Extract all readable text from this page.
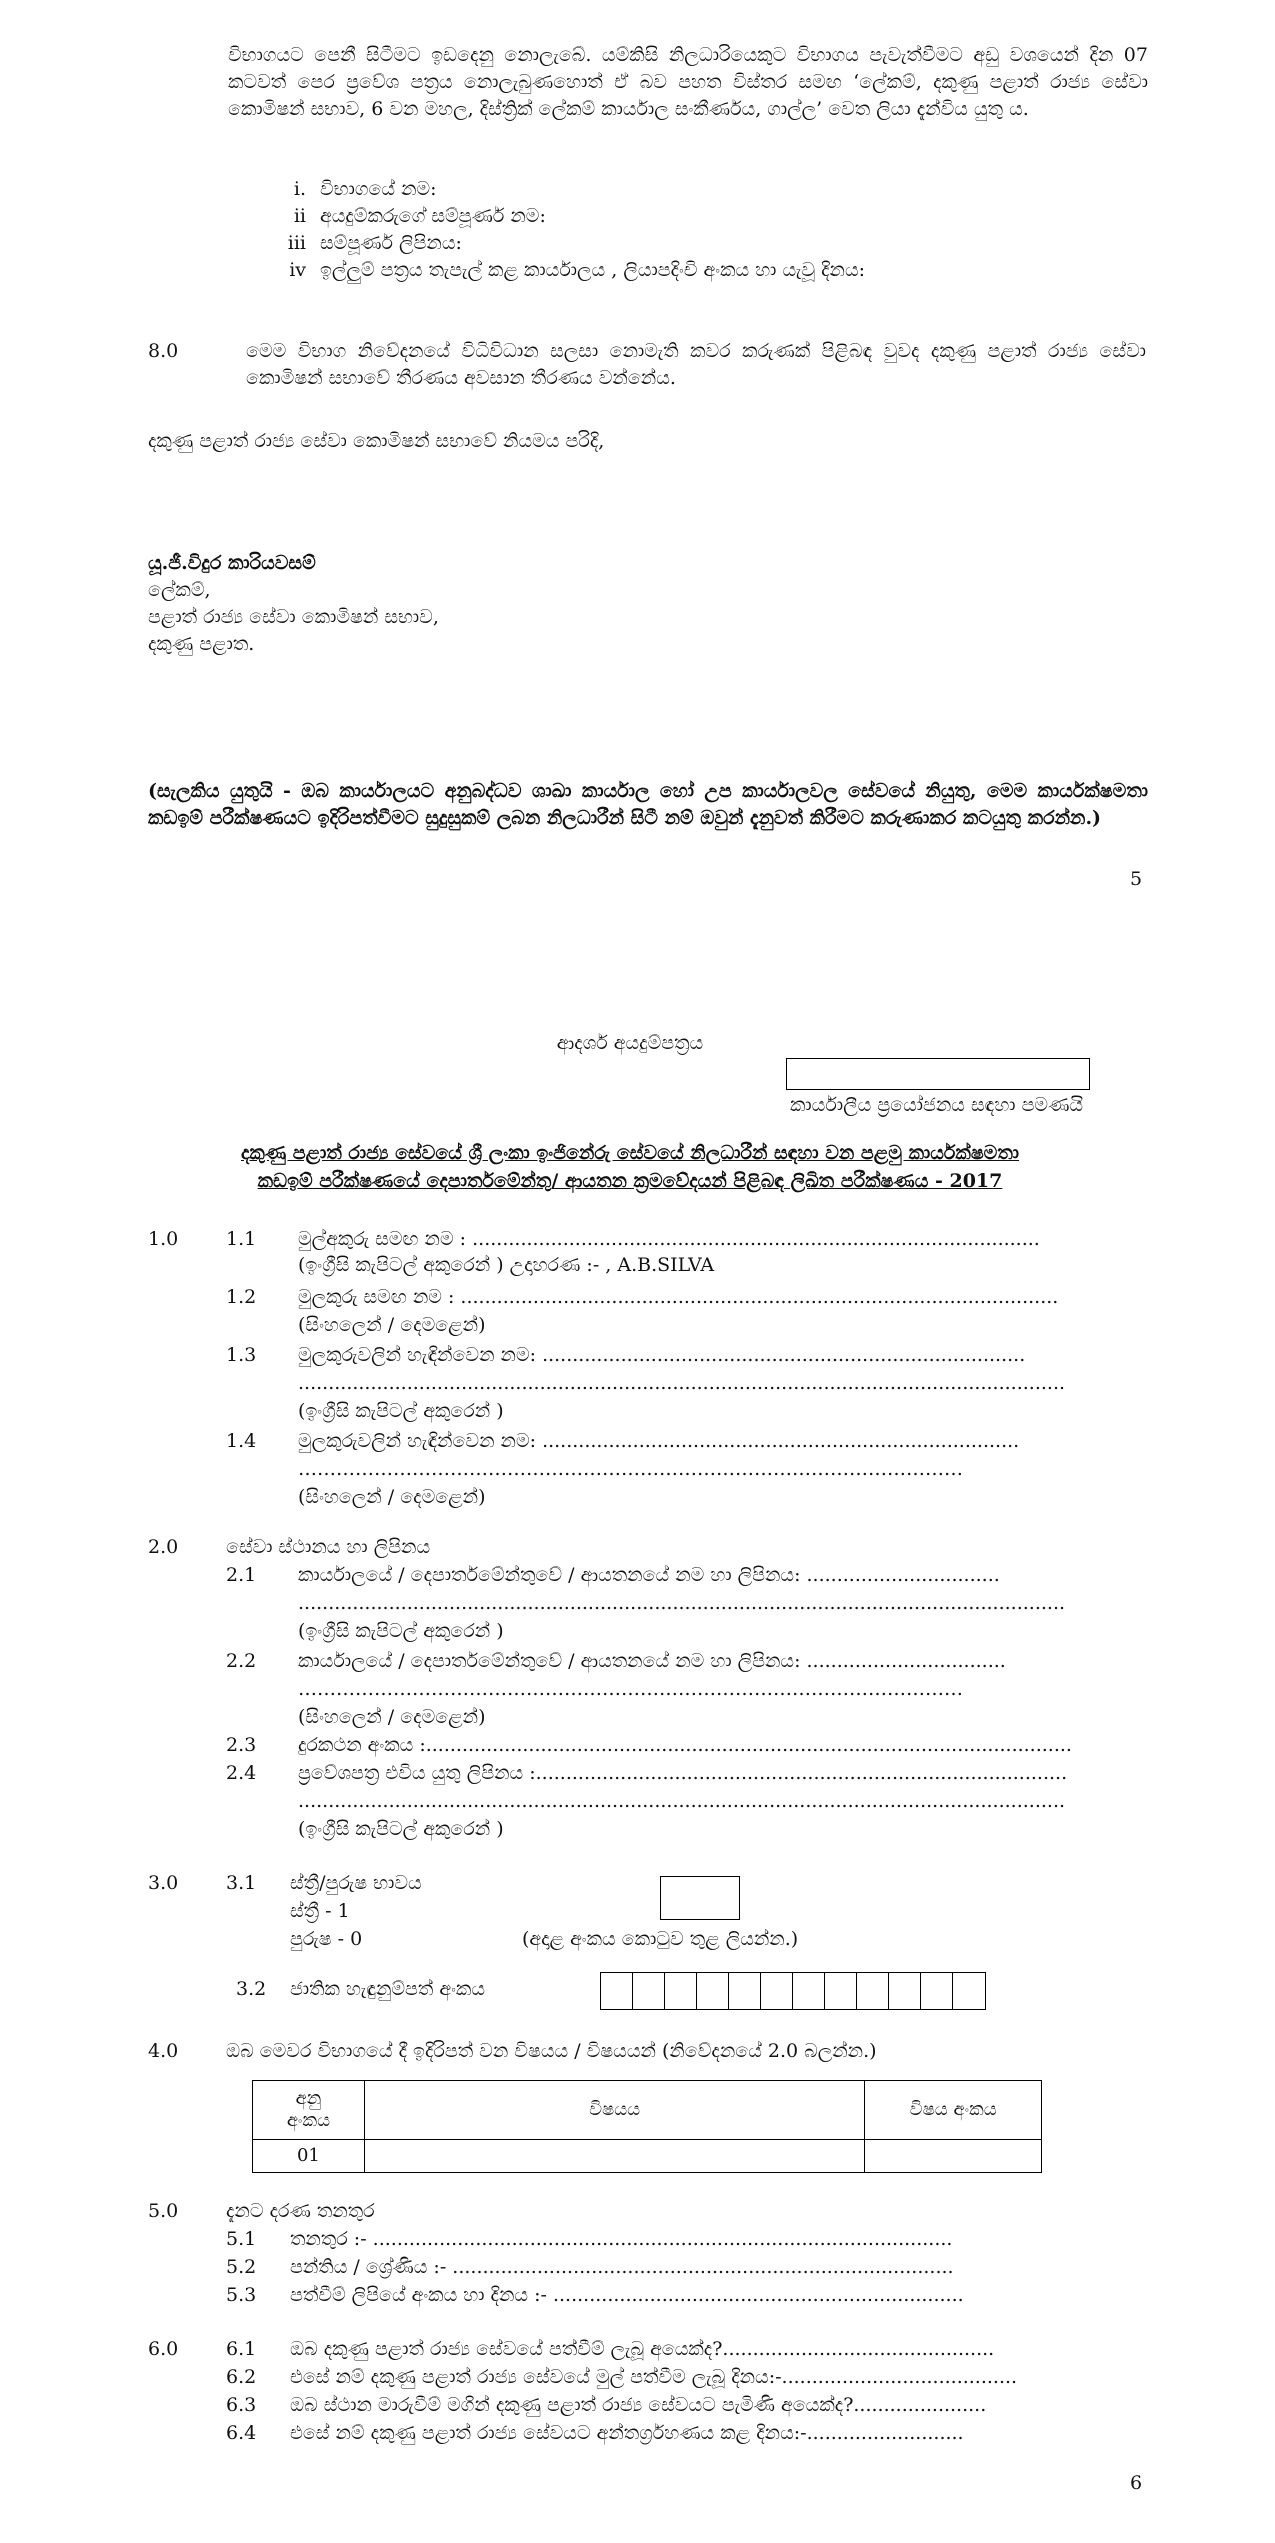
විභාගයට පෙනී සිටීමට ඉඩදෙනු නොලැබේ. යම්කිසි නිලධාරියෙකුට විභාගය පැවැත්වීමට අඩු වශයෙන් දින 07 කටවත් පෙර ප්‍රවේශ පත්‍රය නොලැබුණහොත් ඒ බව පහත විස්තර සමඟ ‘ලේකම්, දකුණු පළාත් රාජ්‍ය සේවා කොමිෂන් සභාව, 6 වන මහල, දිස්ත්‍රික් ලේකම් කාර්යාල සංකීර්ණය, ගාල්ල’ වෙත ලියා දැන්විය යුතු ය.

i. විභාගයේ නම:
ii අයදුම්කරුගේ සම්පූර්ණ නම:
iii සම්පූර්ණ ලිපිනය:
iv ඉල්ලුම් පත්‍රය තැපැල් කළ කාර්යාලය , ලියාපදිංචි අංකය හා යැවූ දිනය:
8.0	මෙම විභාග නිවේදනයේ විධිවිධාන සලසා නොමැති කවර කරුණක් පිළිබඳ වුවද දකුණු පළාත් රාජ්‍ය සේවා කොමිෂන් සභාවේ තීරණය අවසාන තීරණය වන්නේය.

දකුණු පළාත් රාජ්‍ය සේවා කොමිෂන් සභාවේ නියමය පරිදි,

යූ.ජී.විදුර කාරියවසම්

ලේකම්,

පළාත් රාජ්‍ය සේවා කොමිෂන් සභාව,

දකුණු පළාත.

(සැලකිය යුතුයි - ඔබ කාර්යාලයට අනුබද්ධව ශාඛා කාර්යාල හෝ උප කාර්යාලවල සේවයේ නියුතු, මෙම කාර්යක්ෂමතා කඩඉම් පරීක්ෂණයට ඉදිරිපත්වීමට සුදුසුකම් ලබන නිලධාරීන් සිටී නම් ඔවුන් දැනුවත් කිරීමට කරුණාකර කටයුතු කරන්න.)

5

ආදර්ශ අයදුම්පත්‍රය

කාර්යාලීය ප්‍රයෝජනය සඳහා පමණයි

දකුණු පළාත් රාජ්‍ය සේවයේ ශ්‍රී ලංකා ඉංජිනේරු සේවයේ නිලධාරීන් සඳහා වන පළමු කාර්යක්ෂමතා

කඩඉම් පරීක්ෂණයේ දෙපාර්තමේන්තු/ ආයතන ක්‍රමවේදයන් පිළිබඳ ලිඛිත පරීක්ෂණය - 2017

1.0	1.1 මුල්අකුරු සමඟ නම : ..............................................................................................

(ඉංග්‍රීසි කැපිටල් අකුරෙන් ) උදාහරණ :- , A.B.SILVA

1.2 මුලකුරු සමඟ නම : ...................................................................................................

(සිංහලෙන් / දෙමළෙන්)

1.3 මුලකුරුවලින් හැඳින්වෙන නම: ................................................................................

...............................................................................................................................

(ඉංග්‍රීසි කැපිටල් අකුරෙන් )

1.4 මුලකුරුවලින් හැඳින්වෙන නම: ...............................................................................

……………………………………………………………………………………………

(සිංහලෙන් / දෙමළෙන්)

2.0	සේවා ස්ථානය හා ලිපිනය

2.1 කාර්යාලයේ / දෙපාර්තමේන්තුවේ / ආයතනයේ නම හා ලිපිනය: ................................

...............................................................................................................................

(ඉංග්‍රීසි කැපිටල් අකුරෙන් )

2.2 කාර්යාලයේ / දෙපාර්තමේන්තුවේ / ආයතනයේ නම හා ලිපිනය: .................................

……………………………………………………………………………………………

(සිංහලෙන් / දෙමළෙන්)

2.3 දුරකථන අංකය :...........................................................................................................

2.4 ප්‍රවේශපත්‍ර එවිය යුතු ලිපිනය :........................................................................................

...............................................................................................................................

(ඉංග්‍රීසි කැපිටල් අකුරෙන් )

3.0	3.1 ස්ත්‍රී/පුරුෂ භාවය

ස්ත්‍රී - 1

පුරුෂ - 0	(අදාළ අංකය කොටුව තුළ ලියන්න.)

3.2 ජාතික හැඳුනුම්පත් අංකය

4.0	ඔබ මෙවර විභාගයේ දී ඉදිරිපත් වන විෂයය / විෂයයන් (නිවේදනයේ 2.0 බලන්න.)

අනු
අංකය	විෂයය	විෂය අංකය
01		
5.0	දැනට දරණ තනතුර

5.1 තනතුර :- ................................................................................................

5.2 පන්තිය / ශ්‍රේණිය :- ...................................................................................

5.3 පත්වීම් ලිපියේ අංකය හා දිනය :- ....................................................................

6.0	6.1 ඔබ දකුණු පළාත් රාජ්‍ය සේවයේ පත්වීම් ලැබූ අයෙක්ද?.............................................

6.2 එසේ නම් දකුණු පළාත් රාජ්‍ය සේවයේ මුල් පත්වීම ලැබූ දිනය:-.......................................

6.3 ඔබ ස්ථාන මාරුවීම් මගින් දකුණු පළාත් රාජ්‍ය සේවයට පැමිණි අයෙක්ද?......................

6.4 එසේ නම් දකුණු පළාත් රාජ්‍ය සේවයට අන්තර්ග්‍රහණය කළ දිනය:-..........................

6
